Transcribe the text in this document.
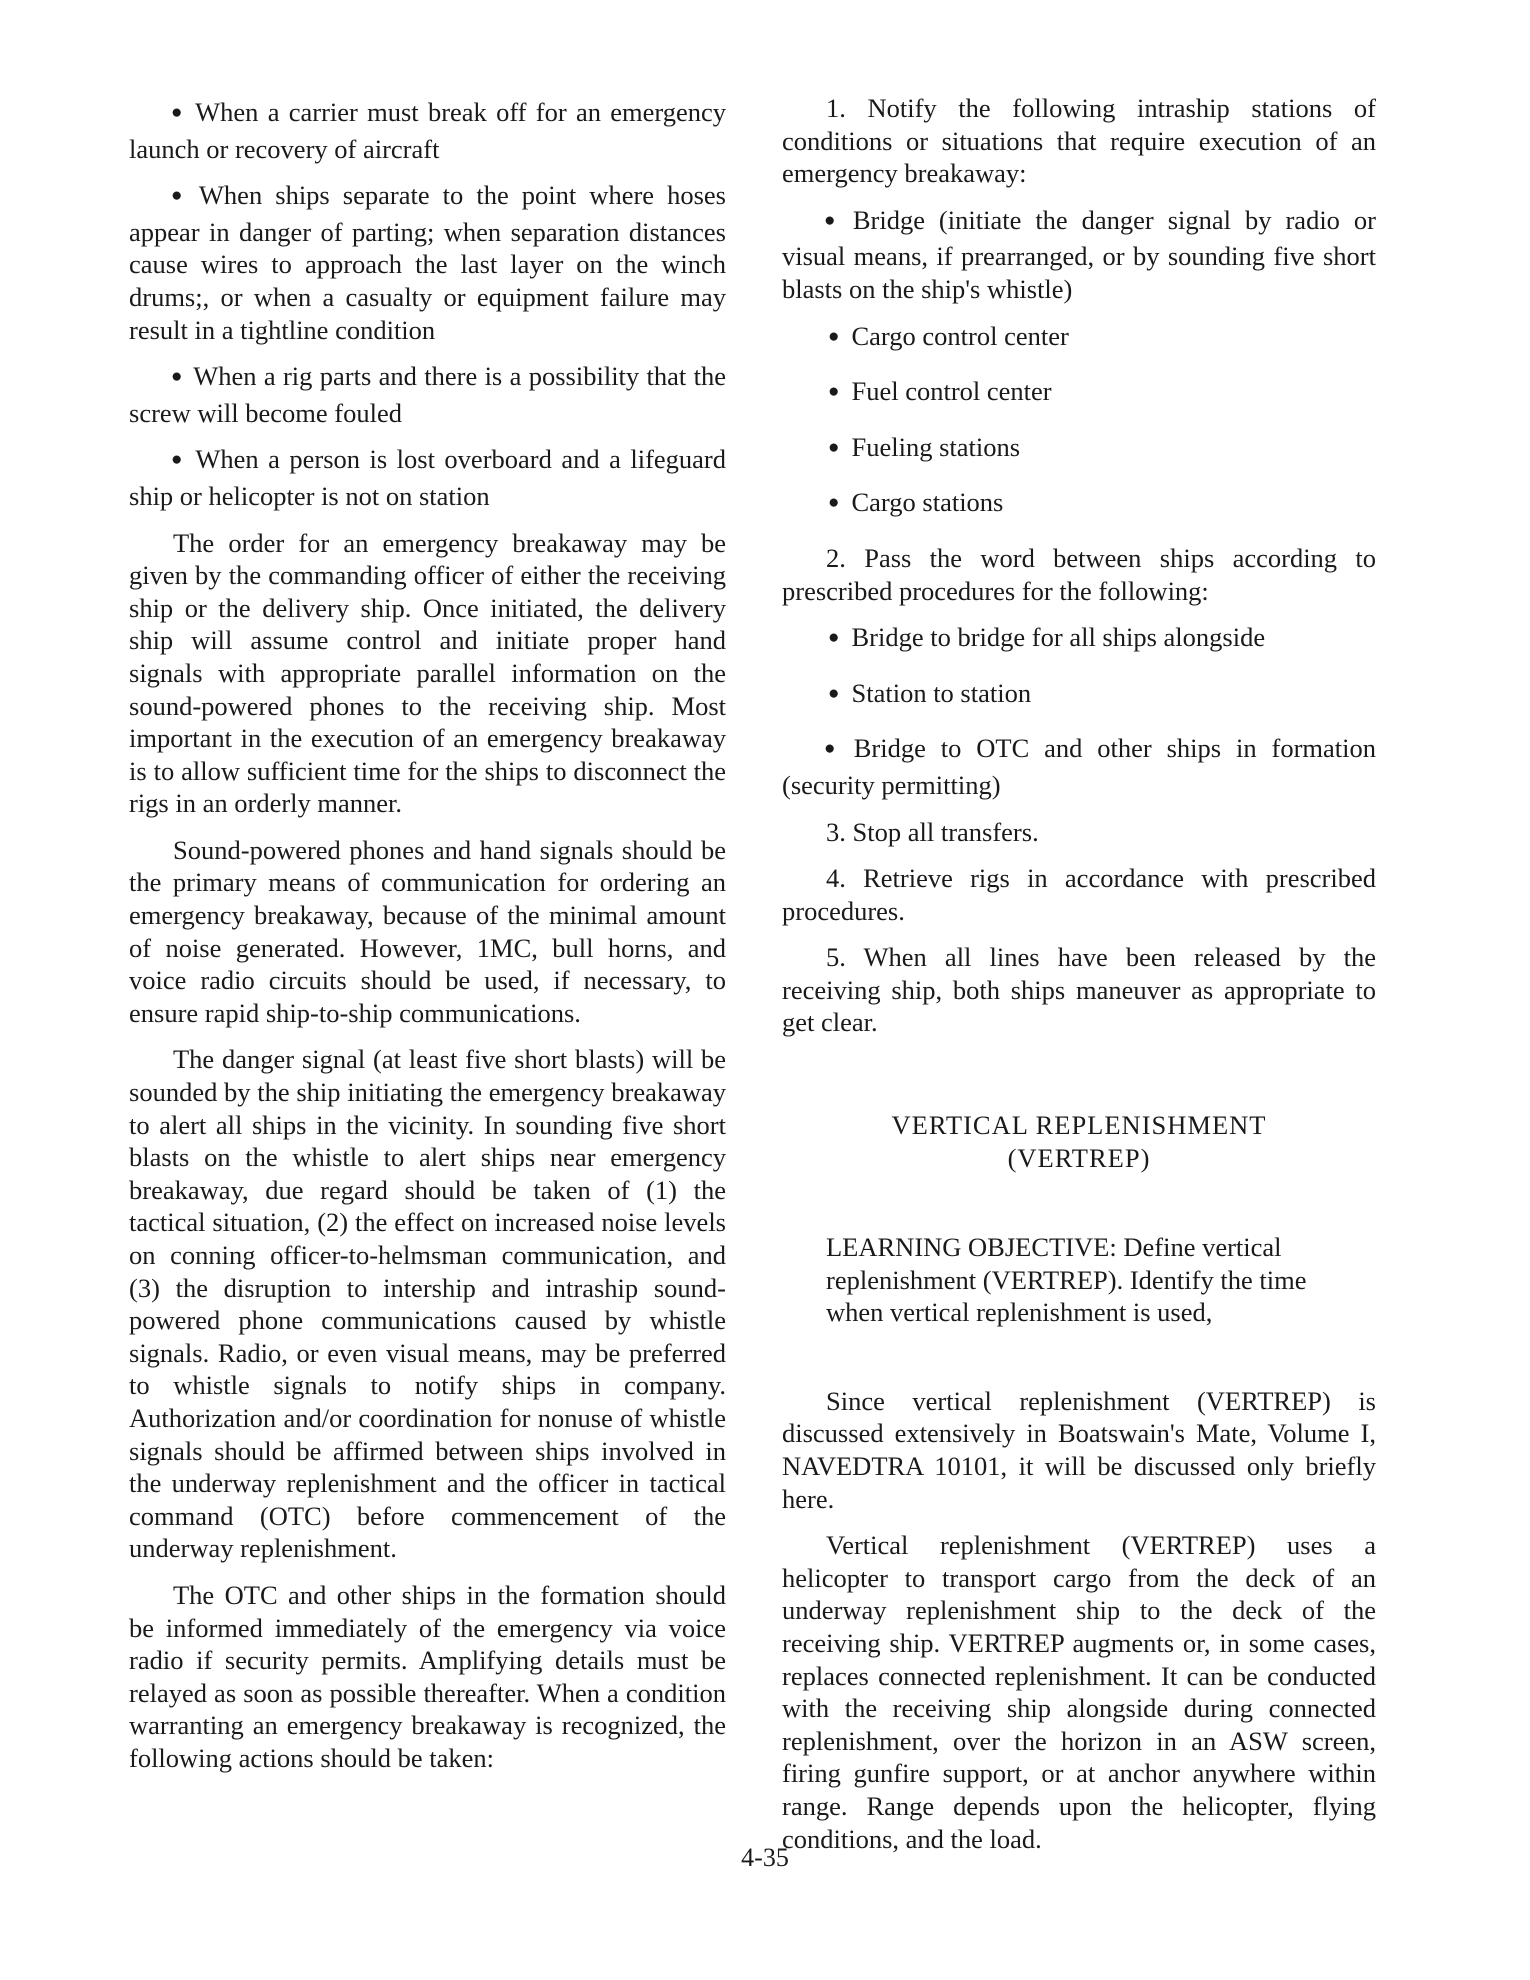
● When a carrier must break off for an emergency launch or recovery of aircraft

● When ships separate to the point where hoses appear in danger of parting; when separation distances cause wires to approach the last layer on the winch drums;, or when a casualty or equipment failure may result in a tightline condition

● When a rig parts and there is a possibility that the screw will become fouled

● When a person is lost overboard and a lifeguard ship or helicopter is not on station

The order for an emergency breakaway may be given by the commanding officer of either the receiving ship or the delivery ship. Once initiated, the delivery ship will assume control and initiate proper hand signals with appropriate parallel information on the sound-powered phones to the receiving ship. Most important in the execution of an emergency breakaway is to allow sufficient time for the ships to disconnect the rigs in an orderly manner.

Sound-powered phones and hand signals should be the primary means of communication for ordering an emergency breakaway, because of the minimal amount of noise generated. However, 1MC, bull horns, and voice radio circuits should be used, if necessary, to ensure rapid ship-to-ship communications.

The danger signal (at least five short blasts) will be sounded by the ship initiating the emergency breakaway to alert all ships in the vicinity. In sounding five short blasts on the whistle to alert ships near emergency breakaway, due regard should be taken of (1) the tactical situation, (2) the effect on increased noise levels on conning officer-to-helmsman communication, and (3) the disruption to intership and intraship sound-powered phone communications caused by whistle signals. Radio, or even visual means, may be preferred to whistle signals to notify ships in company. Authorization and/or coordination for nonuse of whistle signals should be affirmed between ships involved in the underway replenishment and the officer in tactical command (OTC) before commencement of the underway replenishment.

The OTC and other ships in the formation should be informed immediately of the emergency via voice radio if security permits. Amplifying details must be relayed as soon as possible thereafter. When a condition warranting an emergency breakaway is recognized, the following actions should be taken:

1. Notify the following intraship stations of conditions or situations that require execution of an emergency breakaway:

● Bridge (initiate the danger signal by radio or visual means, if prearranged, or by sounding five short blasts on the ship's whistle)

● Cargo control center
● Fuel control center
● Fueling stations
● Cargo stations

2. Pass the word between ships according to prescribed procedures for the following:

● Bridge to bridge for all ships alongside
● Station to station

● Bridge to OTC and other ships in formation (security permitting)

3. Stop all transfers.

4. Retrieve rigs in accordance with prescribed procedures.

5. When all lines have been released by the receiving ship, both ships maneuver as appropriate to get clear.

VERTICAL REPLENISHMENT
(VERTREP)

LEARNING OBJECTIVE: Define vertical replenishment (VERTREP). Identify the time when vertical replenishment is used,

Since vertical replenishment (VERTREP) is discussed extensively in Boatswain's Mate, Volume I, NAVEDTRA 10101, it will be discussed only briefly here.

Vertical replenishment (VERTREP) uses a helicopter to transport cargo from the deck of an underway replenishment ship to the deck of the receiving ship. VERTREP augments or, in some cases, replaces connected replenishment. It can be conducted with the receiving ship alongside during connected replenishment, over the horizon in an ASW screen, firing gunfire support, or at anchor anywhere within range. Range depends upon the helicopter, flying conditions, and the load.

4-35
